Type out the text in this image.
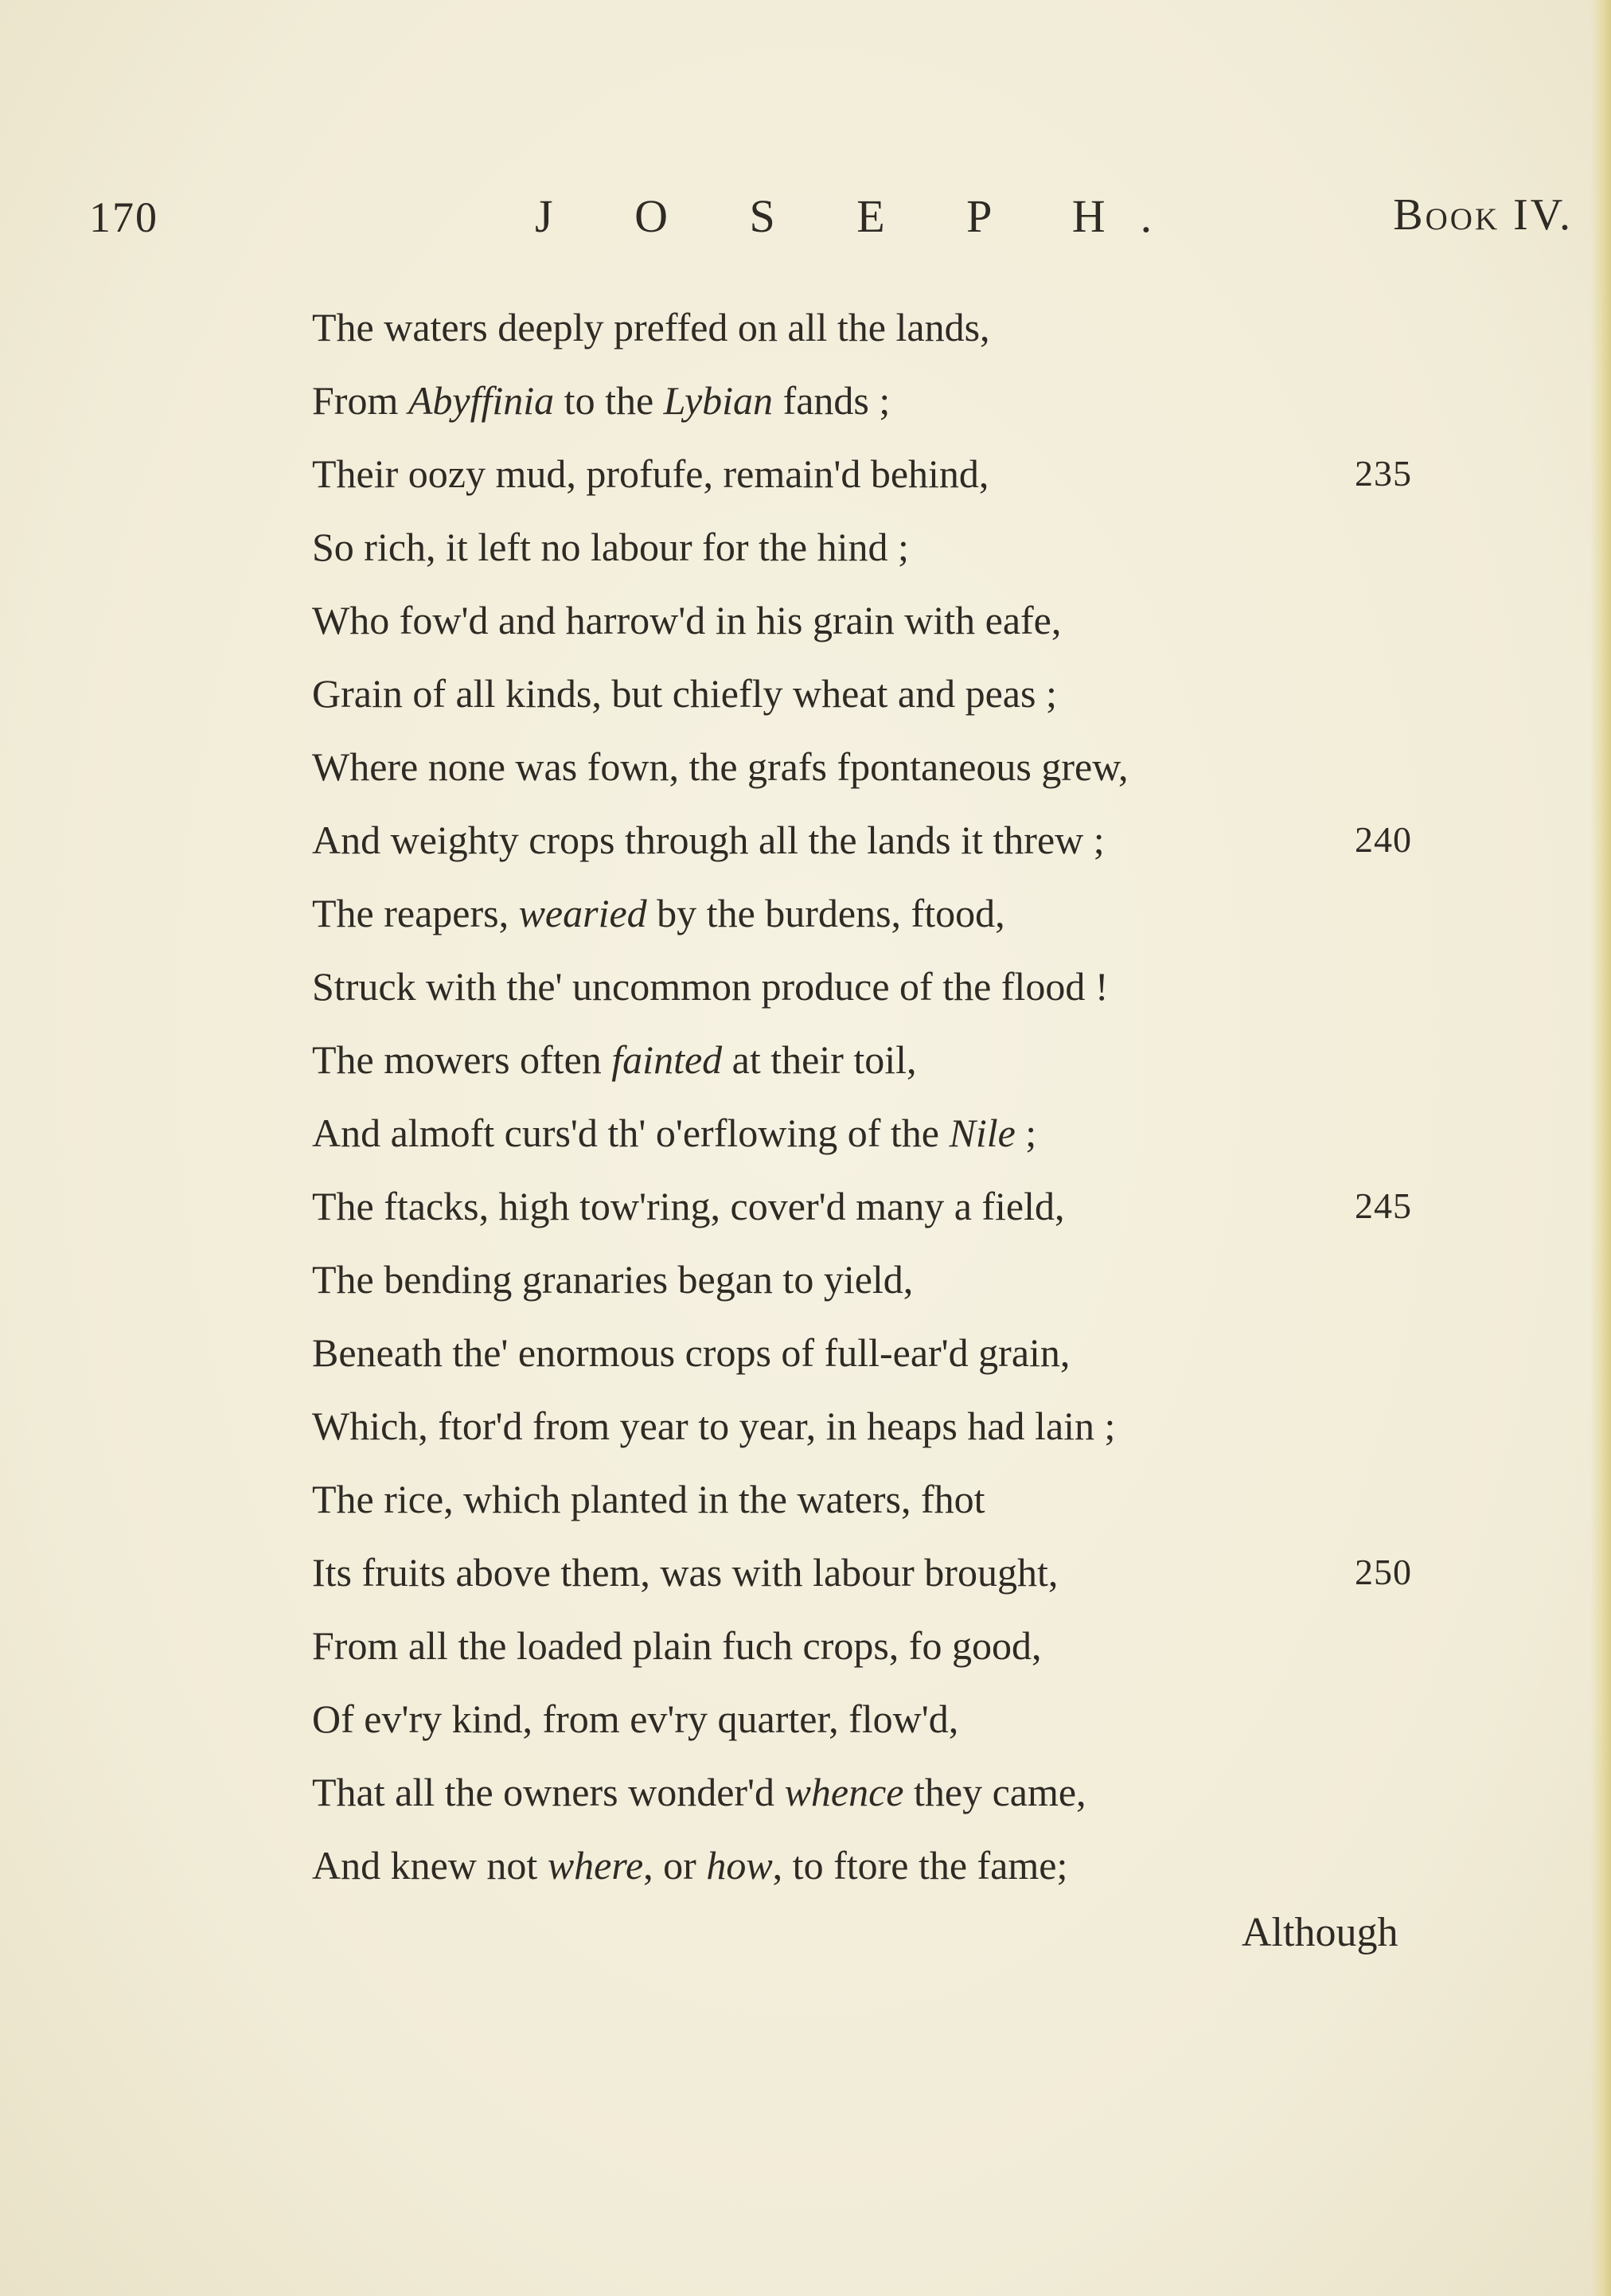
170	J O S E P H.	Book IV.
The waters deeply preffed on all the lands,
From Abyffinia to the Lybian fands ;
Their oozy mud, profufe, remain'd behind,	235
So rich, it left no labour for the hind ;
Who fow'd and harrow'd in his grain with eafe,
Grain of all kinds, but chiefly wheat and peas ;
Where none was fown, the grafs fpontaneous grew,
And weighty crops through all the lands it threw ;	240
The reapers, wearied by the burdens, ftood,
Struck with the' uncommon produce of the flood !
The mowers often fainted at their toil,
And almoft curs'd th' o'erflowing of the Nile ;
The ftacks, high tow'ring, cover'd many a field,	245
The bending granaries began to yield,
Beneath the' enormous crops of full-ear'd grain,
Which, ftor'd from year to year, in heaps had lain ;
The rice, which planted in the waters, fhot
Its fruits above them, was with labour brought,	250
From all the loaded plain fuch crops, fo good,
Of ev'ry kind, from ev'ry quarter, flow'd,
That all the owners wonder'd whence they came,
And knew not where, or how, to ftore the fame;
Although
